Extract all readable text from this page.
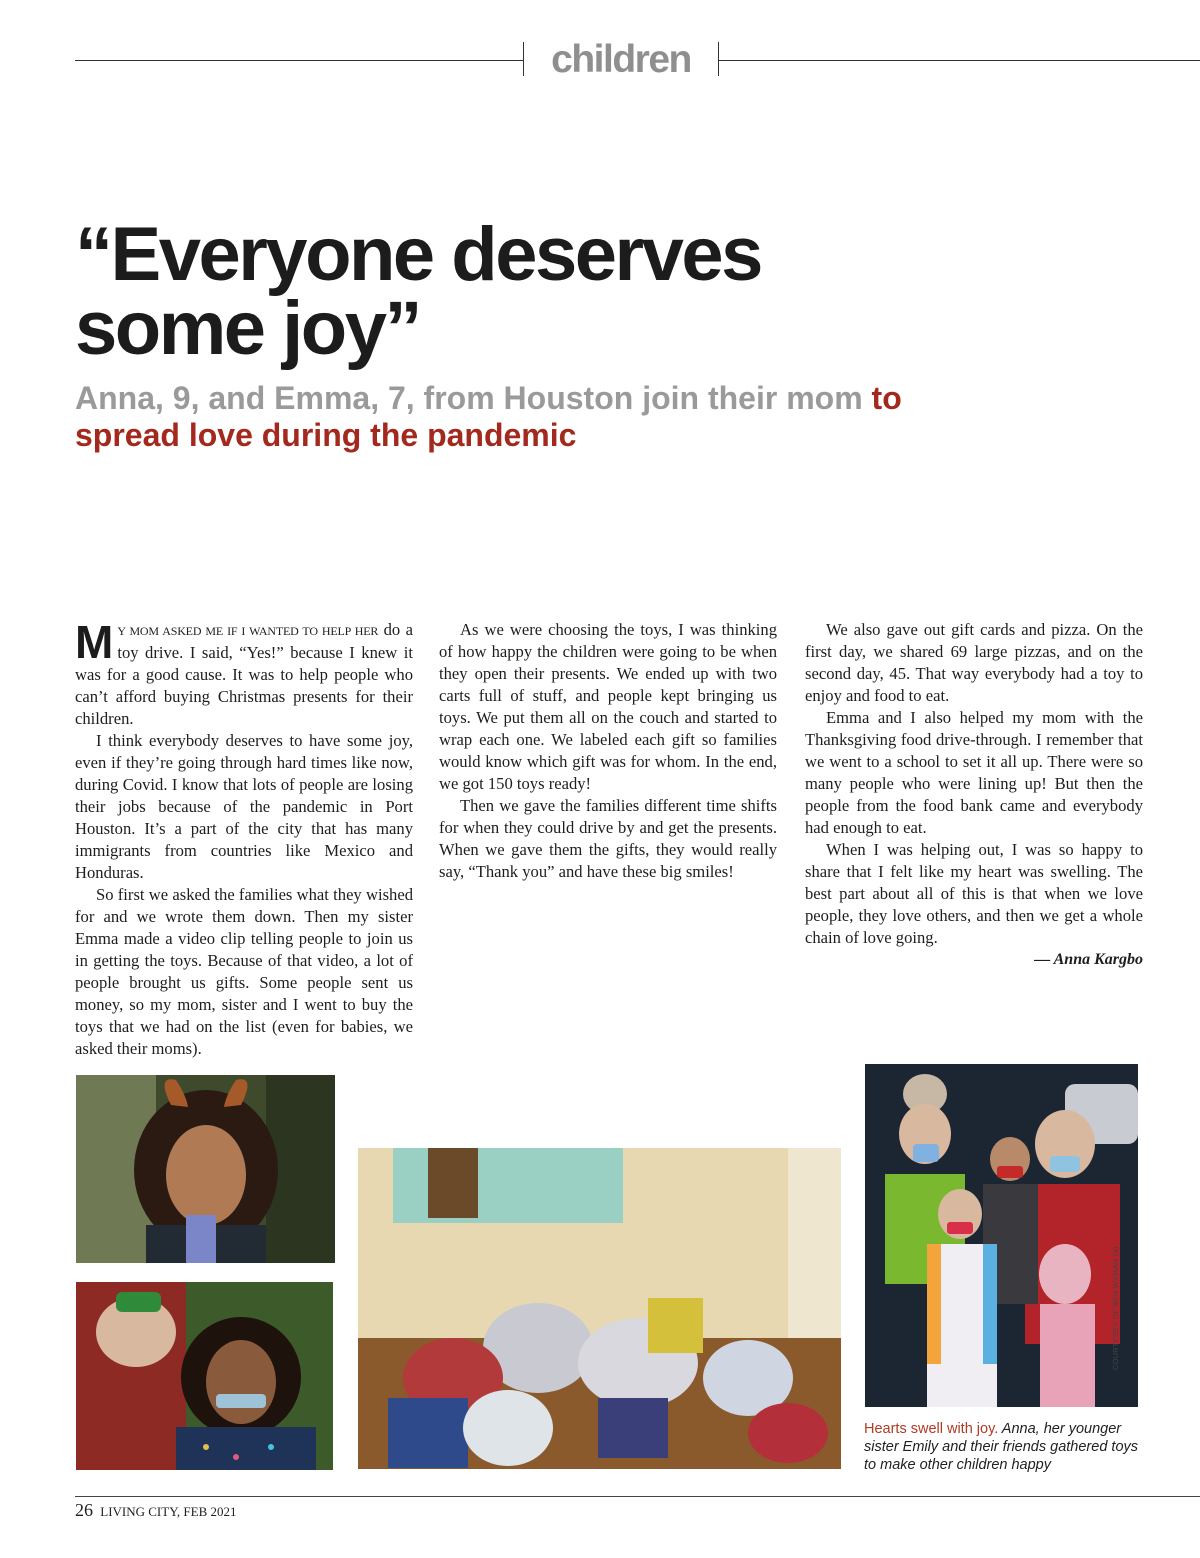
children
“Everyone deserves
some joy”
Anna, 9, and Emma, 7, from Houston join their mom to spread love during the pandemic

M Y MOM ASKED ME IF I WANTED TO HELP HER do a toy drive. I said, “Yes!” because I knew it was for a good cause. It was to help people who can’t afford buying Christmas presents for their children.

I think everybody deserves to have some joy, even if they’re going through hard times like now, during Covid. I know that lots of people are losing their jobs because of the pandemic in Port Houston. It’s a part of the city that has many immigrants from countries like Mexico and Honduras.

So first we asked the families what they wished for and we wrote them down. Then my sister Emma made a video clip telling people to join us in getting the toys. Because of that video, a lot of people brought us gifts. Some people sent us money, so my mom, sister and I went to buy the toys that we had on the list (even for babies, we asked their moms).

As we were choosing the toys, I was thinking of how happy the children were going to be when they open their presents. We ended up with two carts full of stuff, and people kept bringing us toys. We put them all on the couch and started to wrap each one. We labeled each gift so families would know which gift was for whom. In the end, we got 150 toys ready!

Then we gave the families different time shifts for when they could drive by and get the presents. When we gave them the gifts, they would really say, “Thank you” and have these big smiles!

We also gave out gift cards and pizza. On the first day, we shared 69 large pizzas, and on the second day, 45. That way everybody had a toy to enjoy and food to eat.

Emma and I also helped my mom with the Thanksgiving food drive-through. I remember that we went to a school to set it all up. There were so many people who were lining up! But then the people from the food bank came and everybody had enough to eat.

When I was helping out, I was so happy to share that I felt like my heart was swelling. The best part about all of this is that when we love people, they love others, and then we get a whole chain of love going.

— Anna Kargbo

COURTESEY OF BEN WYMAN (4)

Hearts swell with joy. Anna, her younger sister Emily and their friends gathered toys to make other children happy

26 LIVING CITY, FEB 2021
